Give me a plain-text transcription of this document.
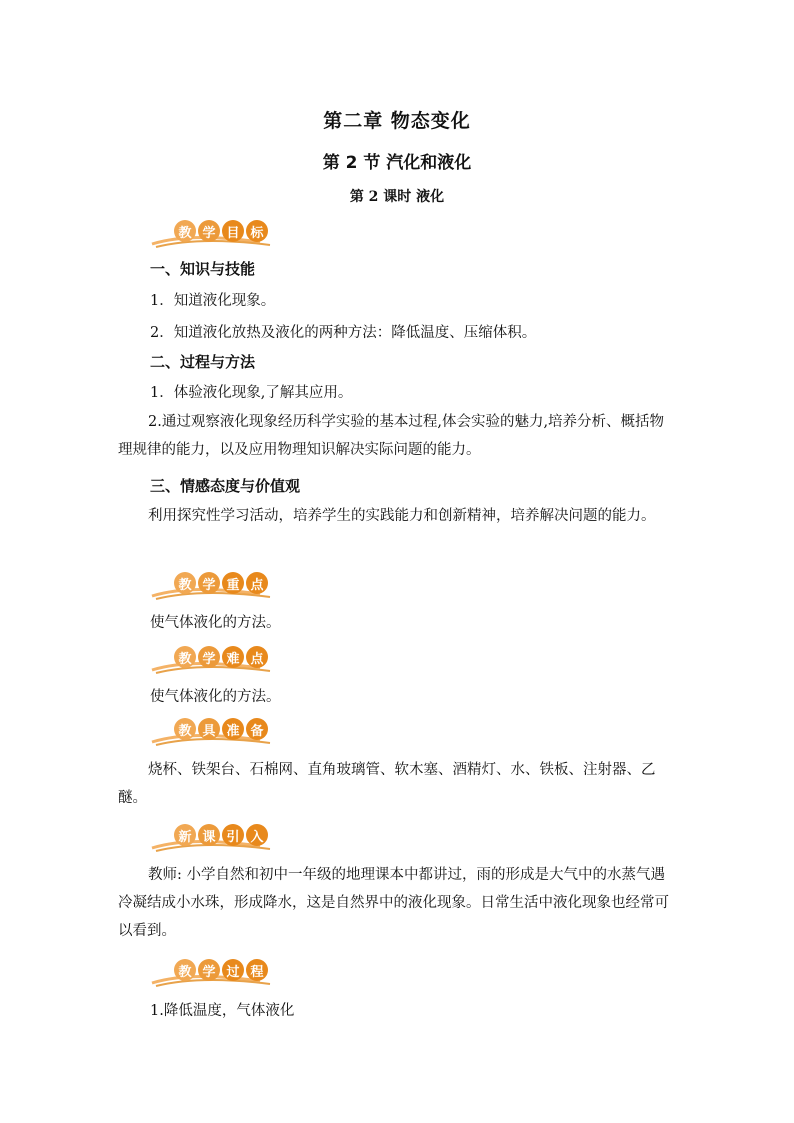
第二章 物态变化
第 2 节 汽化和液化
第 2 课时 液化
教 学 目 标
一、知识与技能
1．知道液化现象。
2．知道液化放热及液化的两种方法：降低温度、压缩体积。
二、过程与方法
1．体验液化现象,了解其应用。

2.通过观察液化现象经历科学实验的基本过程,体会实验的魅力,培养分析、概括物理规律的能力，以及应用物理知识解决实际问题的能力。

三、情感态度与价值观

利用探究性学习活动，培养学生的实践能力和创新精神，培养解决问题的能力。

教 学 重 点
使气体液化的方法。
教 学 难 点
使气体液化的方法。
教 具 准 备

烧杯、铁架台、石棉网、直角玻璃管、软木塞、酒精灯、水、铁板、注射器、乙醚。

新 课 引 入

教师: 小学自然和初中一年级的地理课本中都讲过，雨的形成是大气中的水蒸气遇冷凝结成小水珠，形成降水，这是自然界中的液化现象。日常生活中液化现象也经常可以看到。

教 学 过 程
1.降低温度，气体液化
